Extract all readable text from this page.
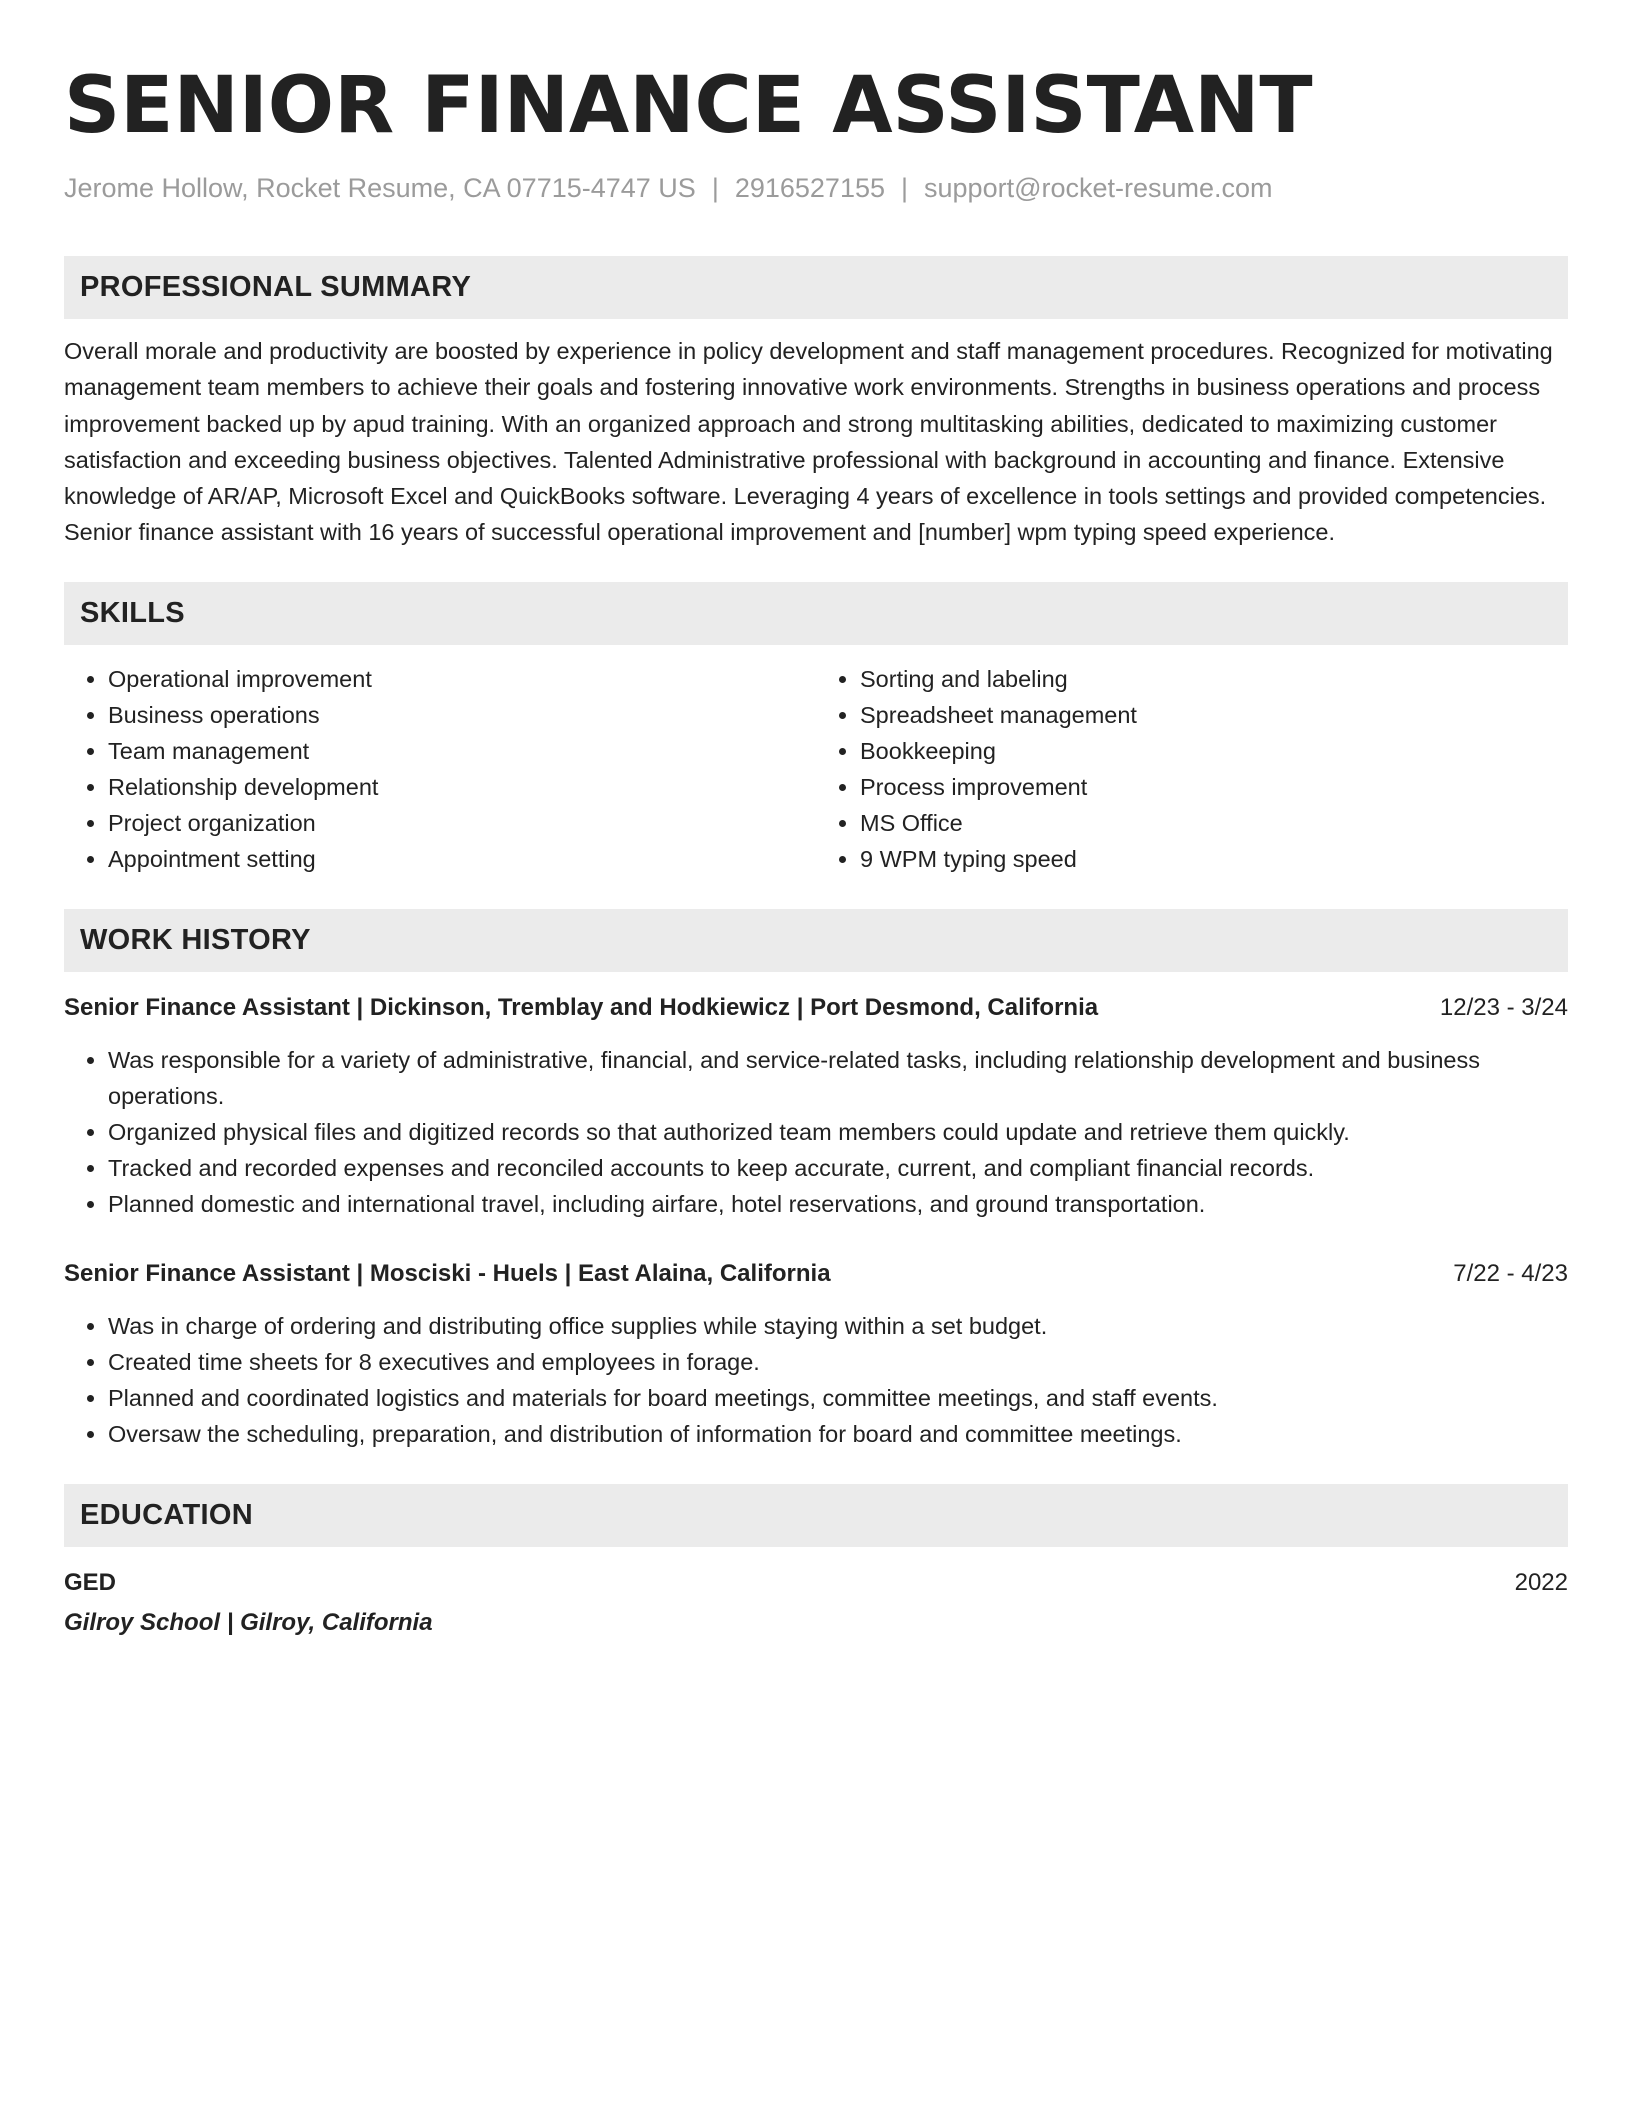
SENIOR FINANCE ASSISTANT
Jerome Hollow, Rocket Resume, CA 07715-4747 US | 2916527155 | support@rocket-resume.com
PROFESSIONAL SUMMARY

Overall morale and productivity are boosted by experience in policy development and staff management procedures. Recognized for motivating management team members to achieve their goals and fostering innovative work environments. Strengths in business operations and process improvement backed up by apud training. With an organized approach and strong multitasking abilities, dedicated to maximizing customer satisfaction and exceeding business objectives. Talented Administrative professional with background in accounting and finance. Extensive knowledge of AR/AP, Microsoft Excel and QuickBooks software. Leveraging 4 years of excellence in tools settings and provided competencies. Senior finance assistant with 16 years of successful operational improvement and [number] wpm typing speed experience.

SKILLS
• Operational improvement
• Business operations
• Team management
• Relationship development
• Project organization
• Appointment setting
• Sorting and labeling
• Spreadsheet management
• Bookkeeping
• Process improvement
• MS Office
• 9 WPM typing speed
WORK HISTORY
Senior Finance Assistant | Dickinson, Tremblay and Hodkiewicz | Port Desmond, California	12/23 - 3/24
• Was responsible for a variety of administrative, financial, and service-related tasks, including relationship development and business operations.
• Organized physical files and digitized records so that authorized team members could update and retrieve them quickly.
• Tracked and recorded expenses and reconciled accounts to keep accurate, current, and compliant financial records.
• Planned domestic and international travel, including airfare, hotel reservations, and ground transportation.
Senior Finance Assistant | Mosciski - Huels | East Alaina, California	7/22 - 4/23
• Was in charge of ordering and distributing office supplies while staying within a set budget.
• Created time sheets for 8 executives and employees in forage.
• Planned and coordinated logistics and materials for board meetings, committee meetings, and staff events.
• Oversaw the scheduling, preparation, and distribution of information for board and committee meetings.
EDUCATION
GED	2022
Gilroy School | Gilroy, California
